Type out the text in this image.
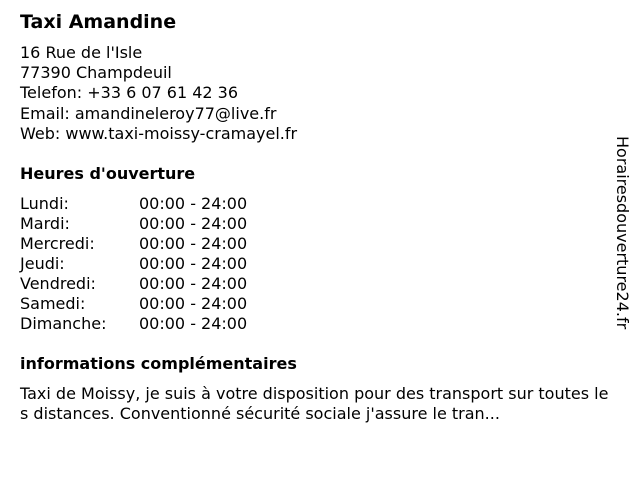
Taxi Amandine
16 Rue de l'Isle
77390 Champdeuil
Telefon: +33 6 07 61 42 36
Email: amandineleroy77@live.fr
Web: www.taxi-moissy-cramayel.fr
Heures d'ouverture
Lundi:	00:00 - 24:00
Mardi:	00:00 - 24:00
Mercredi:	00:00 - 24:00
Jeudi:	00:00 - 24:00
Vendredi:	00:00 - 24:00
Samedi:	00:00 - 24:00
Dimanche: 00:00 - 24:00
informations complémentaires

Taxi de Moissy, je suis à votre disposition pour des transport sur toutes les distances. Conventionné sécurité sociale j'assure le tran...

Horairesdouverture24.fr
